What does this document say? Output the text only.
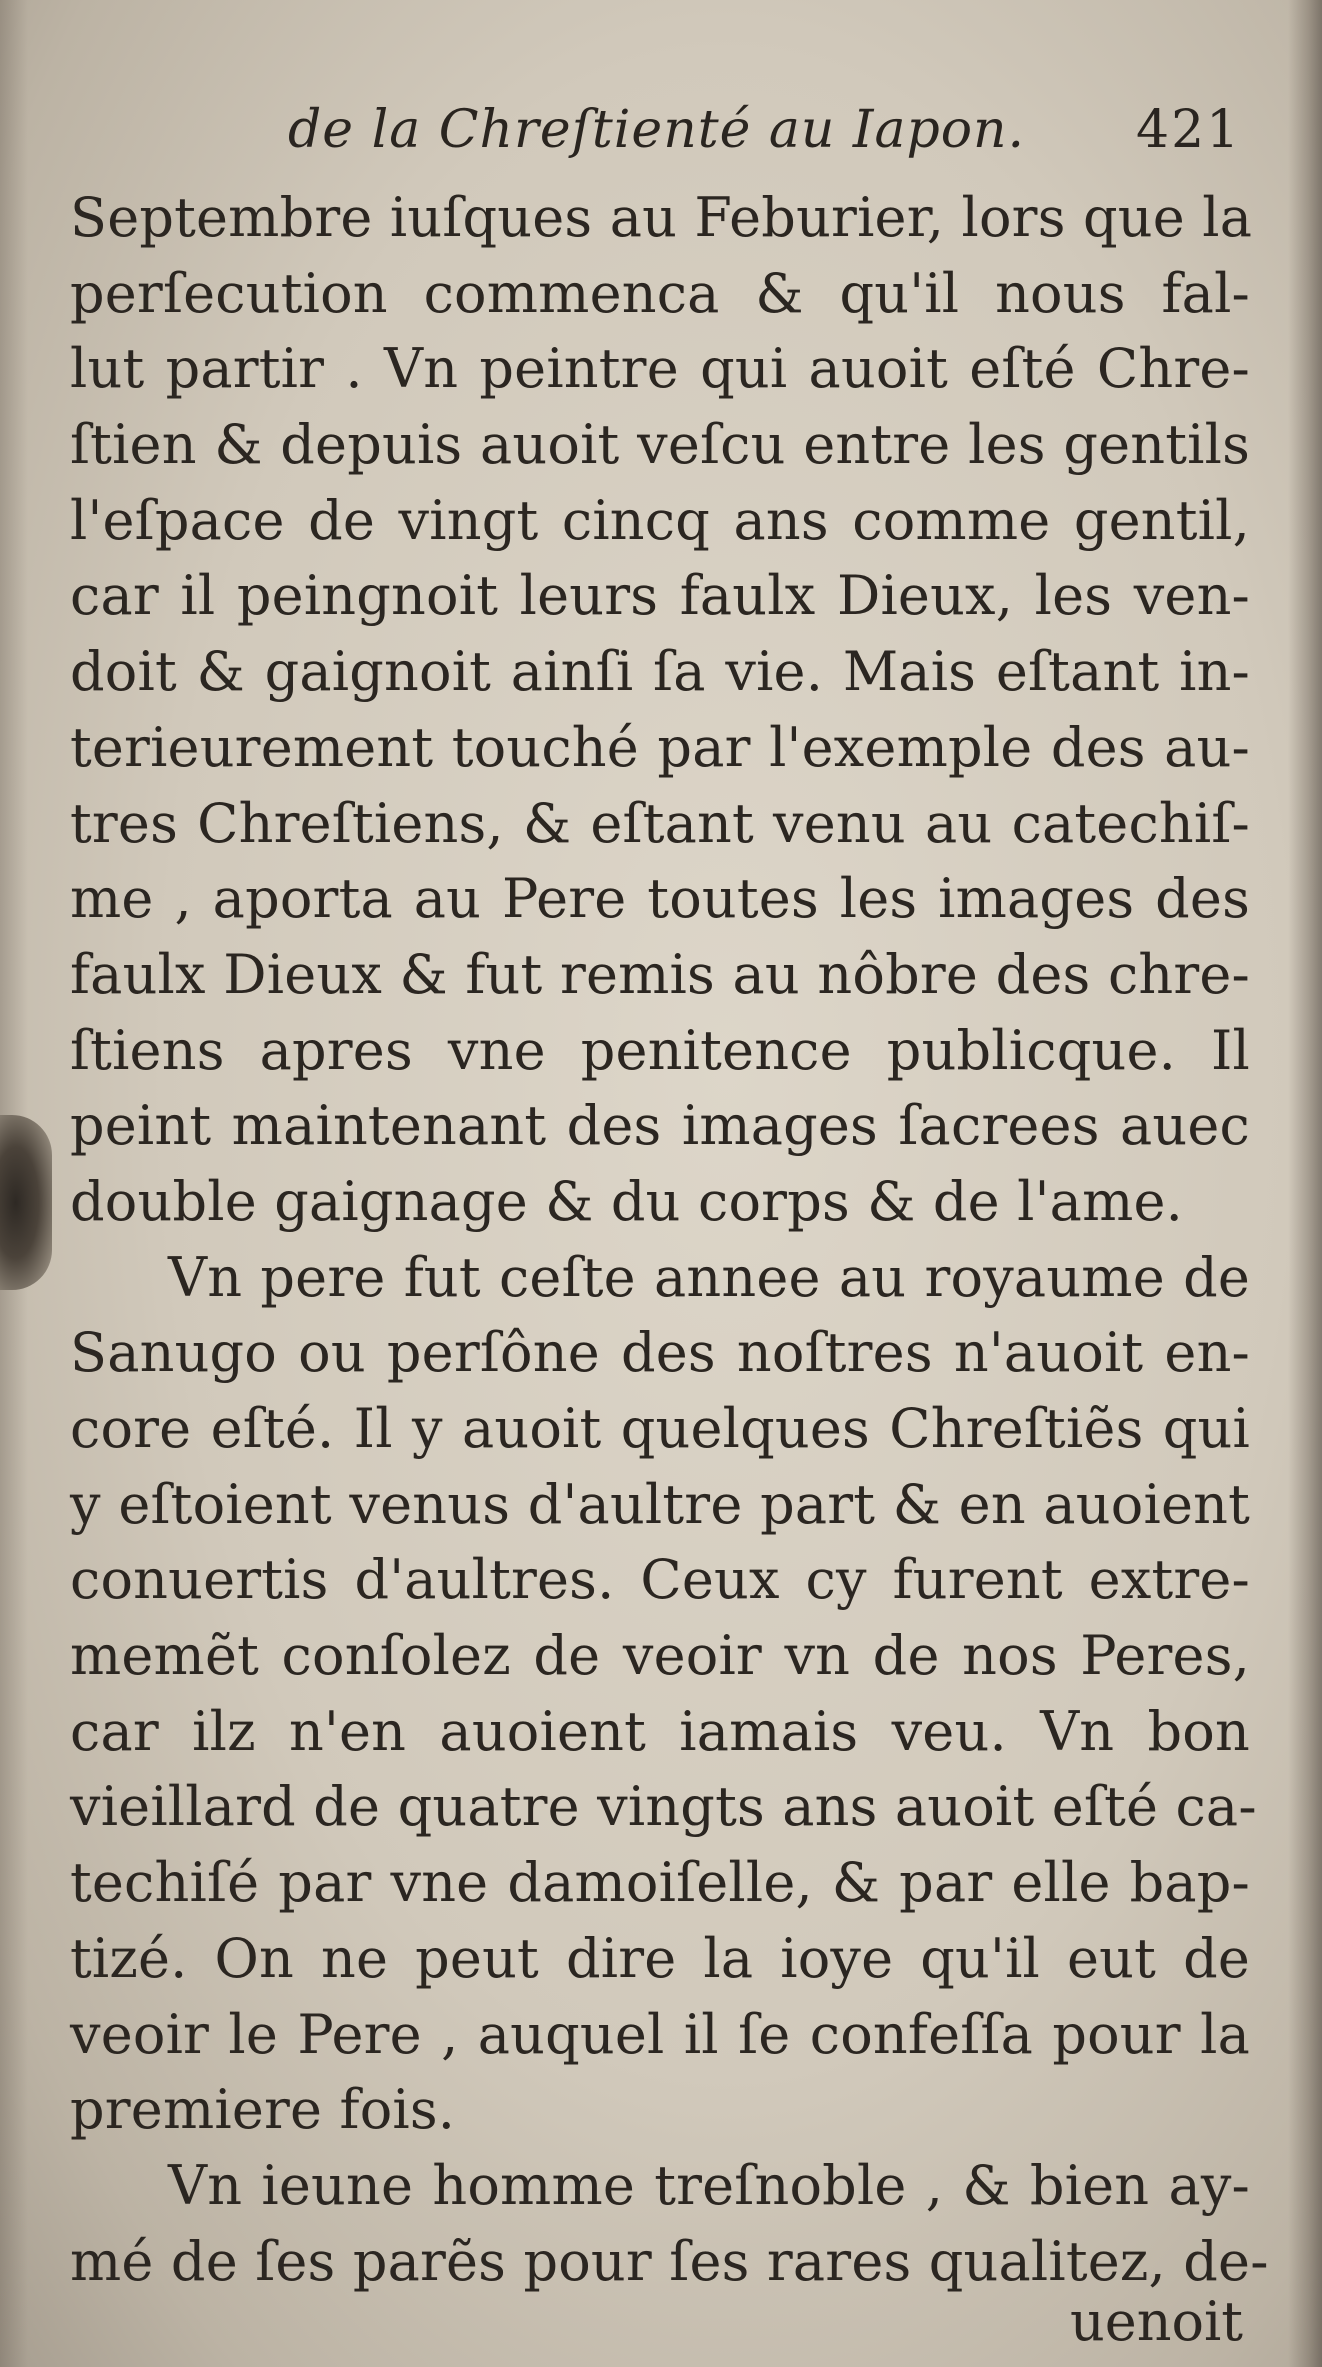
de la Chreſtienté au Iapon. 421
Septembre iuſques au Feburier, lors que la
perſecution commenca & qu'il nous fal-
lut partir . Vn peintre qui auoit eſté Chre-
ſtien & depuis auoit veſcu entre les gentils
l'eſpace de vingt cincq ans comme gentil,
car il peingnoit leurs faulx Dieux, les ven-
doit & gaignoit ainſi ſa vie. Mais eſtant in-
terieurement touché par l'exemple des au-
tres Chreſtiens, & eſtant venu au catechiſ-
me , aporta au Pere toutes les images des
faulx Dieux & fut remis au nôbre des chre-
ſtiens apres vne penitence publicque. Il
peint maintenant des images ſacrees auec
double gaignage & du corps & de l'ame.
Vn pere fut ceſte annee au royaume de
Sanugo ou perſône des noſtres n'auoit en-
core eſté. Il y auoit quelques Chreſtiẽs qui
y eſtoient venus d'aultre part & en auoient
conuertis d'aultres. Ceux cy furent extre-
memẽt conſolez de veoir vn de nos Peres,
car ilz n'en auoient iamais veu. Vn bon
vieillard de quatre vingts ans auoit eſté ca-
techiſé par vne damoiſelle, & par elle bap-
tizé. On ne peut dire la ioye qu'il eut de
veoir le Pere , auquel il ſe confeſſa pour la
premiere fois.
Vn ieune homme treſnoble , & bien ay-
mé de ſes parẽs pour ſes rares qualitez, de-
uenoit
